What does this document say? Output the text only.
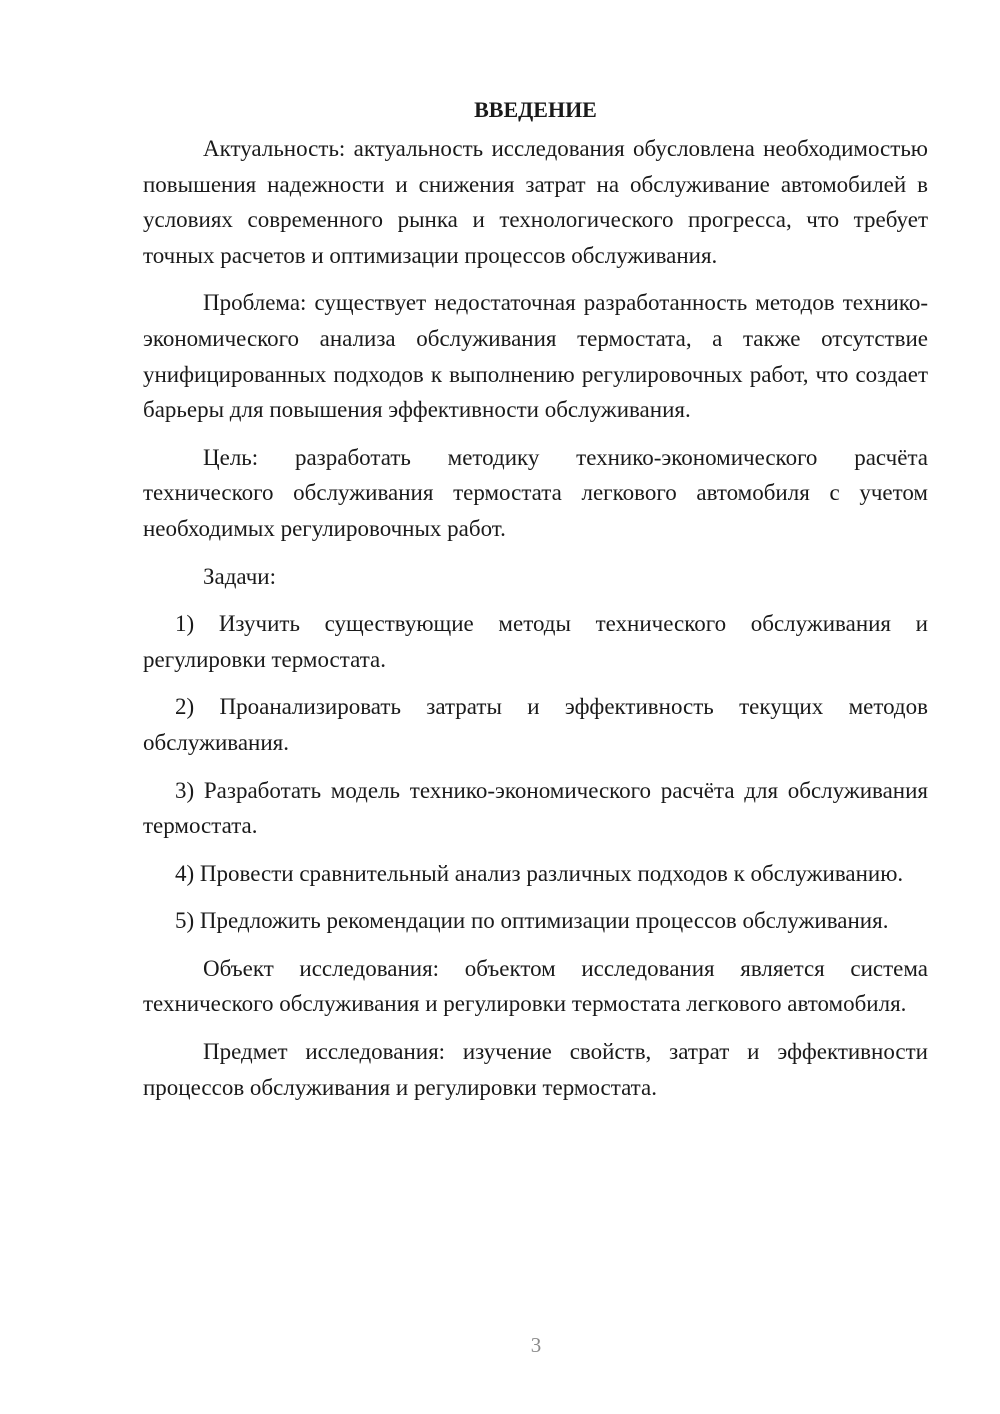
ВВЕДЕНИЕ

Актуальность: актуальность исследования обусловлена необходимостью повышения надежности и снижения затрат на обслуживание автомобилей в условиях современного рынка и технологического прогресса, что требует точных расчетов и оптимизации процессов обслуживания.

Проблема: существует недостаточная разработанность методов технико-экономического анализа обслуживания термостата, а также отсутствие унифицированных подходов к выполнению регулировочных работ, что создает барьеры для повышения эффективности обслуживания.

Цель: разработать методику технико-экономического расчёта технического обслуживания термостата легкового автомобиля с учетом необходимых регулировочных работ.

Задачи:

1) Изучить существующие методы технического обслуживания и регулировки термостата.

2) Проанализировать затраты и эффективность текущих методов обслуживания.

3) Разработать модель технико-экономического расчёта для обслуживания термостата.

4) Провести сравнительный анализ различных подходов к обслуживанию.

5) Предложить рекомендации по оптимизации процессов обслуживания.

Объект исследования: объектом исследования является система технического обслуживания и регулировки термостата легкового автомобиля.

Предмет исследования: изучение свойств, затрат и эффективности процессов обслуживания и регулировки термостата.

3
